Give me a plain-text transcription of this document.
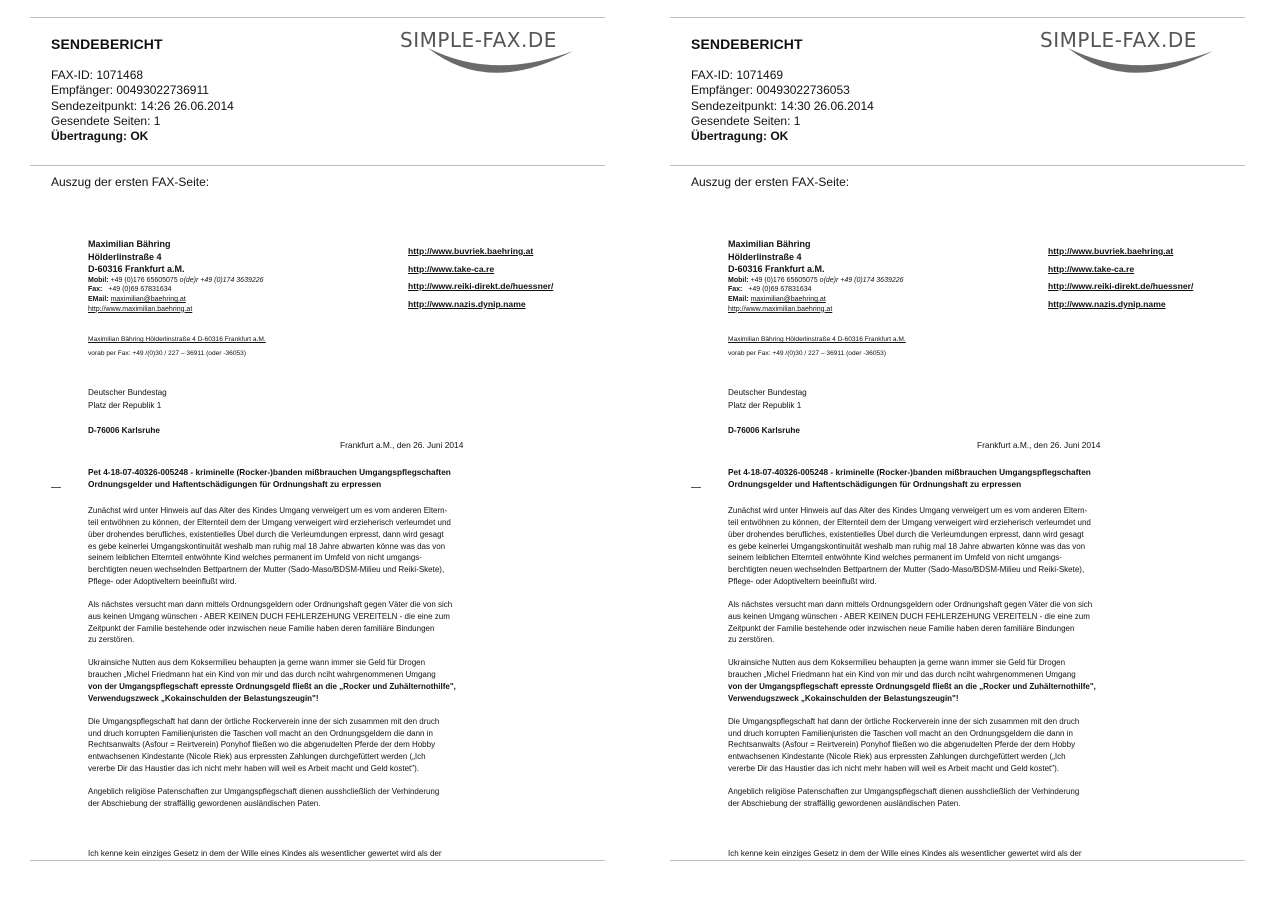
SENDEBERICHT	SIMPLE-FAX.DE
FAX-ID: 1071468
Empfänger: 00493022736911
Sendezeitpunkt: 14:26 26.06.2014
Gesendete Seiten: 1
Übertragung: OK
Auszug der ersten FAX-Seite:
Maximilian Bähring
Hölderlinstraße 4
D-60316 Frankfurt a.M.
Mobil: +49 (0)176 65605075 o(de)r +49 (0)174 3639226
Fax: +49 (0)69 67831634
EMail: maximilian@baehring.at
http://www.maximilian.baehring.at
http://www.buvriek.baehring.at
http://www.take-ca.re
http://www.reiki-direkt.de/huessner/
http://www.nazis.dynip.name
Maximilian Bähring Hölderlinstraße 4 D-60316 Frankfurt a.M.
vorab per Fax: +49 /(0)30 / 227 – 36911 (oder -36053)
Deutscher Bundestag
Platz der Republik 1
D-76006 Karlsruhe
Frankfurt a.M., den 26. Juni 2014
Pet 4-18-07-40326-005248 - kriminelle (Rocker-)banden mißbrauchen Umgangspflegschaften
Ordnungsgelder und Haftentschädigungen für Ordnungshaft zu erpressen

Zunächst wird unter Hinweis auf das Alter des Kindes Umgang verweigert um es vom anderen Eltern-
teil entwöhnen zu können, der Elternteil dem der Umgang verweigert wird erzieherisch verleumdet und
über drohendes berufliches, existentielles Übel durch die Verleumdungen erpresst, dann wird gesagt
es gebe keinerlei Umgangskontinuität weshalb man ruhig mal 18 Jahre abwarten könne was das von
seinem leiblichen Elternteil entwöhnte Kind welches permanent im Umfeld von nicht umgangs-
berchtigten neuen wechselnden Bettpartnern der Mutter (Sado-Maso/BDSM-Milieu und Reiki-Skete),
Pflege- oder Adoptiveltern beeinflußt wird.

Als nächstes versucht man dann mittels Ordnungsgeldern oder Ordnungshaft gegen Väter die von sich
aus keinen Umgang wünschen - ABER KEINEN DUCH FEHLERZEHUNG VEREITELN - die eine zum
Zeitpunkt der Familie bestehende oder inzwischen neue Familie haben deren familiäre Bindungen
zu zerstören.

Ukrainsiche Nutten aus dem Koksermilieu behaupten ja gerne wann immer sie Geld für Drogen
brauchen „Michel Friedmann hat ein Kind von mir und das durch nciht wahrgenommenen Umgang
von der Umgangspflegschaft epresste Ordnungsgeld fließt an die „Rocker und Zuhälternothilfe",
Verwendugszweck „Kokainschulden der Belastungszeugin"!

Die Umgangspflegschaft hat dann der örtliche Rockerverein inne der sich zusammen mit den druch
und druch korrupten Familienjuristen die Taschen voll macht an den Ordnungsgeldern die dann in
Rechtsanwalts (Asfour = Reirtverein) Ponyhof fließen wo die abgenudelten Pferde der dem Hobby
entwachsenen Kindestante (Nicole Riek) aus erpressten Zahlungen durchgefüttert werden („Ich
vererbe Dir das Haustier das ich nicht mehr haben will weil es Arbeit macht und Geld kostet").

Angeblich religiöse Patenschaften zur Umgangspflegschaft dienen ausshcließlich der Verhinderung
der Abschiebung der straffällig gewordenen ausländischen Paten.

Ich kenne kein einziges Gesetz in dem der Wille eines Kindes als wesentlicher gewertet wird als der
SENDEBERICHT	SIMPLE-FAX.DE
FAX-ID: 1071469
Empfänger: 00493022736053
Sendezeitpunkt: 14:30 26.06.2014
Gesendete Seiten: 1
Übertragung: OK
Auszug der ersten FAX-Seite:
Maximilian Bähring
Hölderlinstraße 4
D-60316 Frankfurt a.M.
Mobil: +49 (0)176 65605075 o(de)r +49 (0)174 3639226
Fax: +49 (0)69 67831634
EMail: maximilian@baehring.at
http://www.maximilian.baehring.at
http://www.buvriek.baehring.at
http://www.take-ca.re
http://www.reiki-direkt.de/huessner/
http://www.nazis.dynip.name
Maximilian Bähring Hölderlinstraße 4 D-60316 Frankfurt a.M.
vorab per Fax: +49 /(0)30 / 227 – 36911 (oder -36053)
Deutscher Bundestag
Platz der Republik 1
D-76006 Karlsruhe
Frankfurt a.M., den 26. Juni 2014
Pet 4-18-07-40326-005248 - kriminelle (Rocker-)banden mißbrauchen Umgangspflegschaften
Ordnungsgelder und Haftentschädigungen für Ordnungshaft zu erpressen

Zunächst wird unter Hinweis auf das Alter des Kindes Umgang verweigert um es vom anderen Eltern-
teil entwöhnen zu können, der Elternteil dem der Umgang verweigert wird erzieherisch verleumdet und
über drohendes berufliches, existentielles Übel durch die Verleumdungen erpresst, dann wird gesagt
es gebe keinerlei Umgangskontinuität weshalb man ruhig mal 18 Jahre abwarten könne was das von
seinem leiblichen Elternteil entwöhnte Kind welches permanent im Umfeld von nicht umgangs-
berchtigten neuen wechselnden Bettpartnern der Mutter (Sado-Maso/BDSM-Milieu und Reiki-Skete),
Pflege- oder Adoptiveltern beeinflußt wird.

Als nächstes versucht man dann mittels Ordnungsgeldern oder Ordnungshaft gegen Väter die von sich
aus keinen Umgang wünschen - ABER KEINEN DUCH FEHLERZEHUNG VEREITELN - die eine zum
Zeitpunkt der Familie bestehende oder inzwischen neue Familie haben deren familiäre Bindungen
zu zerstören.

Ukrainsiche Nutten aus dem Koksermilieu behaupten ja gerne wann immer sie Geld für Drogen
brauchen „Michel Friedmann hat ein Kind von mir und das durch nciht wahrgenommenen Umgang
von der Umgangspflegschaft epresste Ordnungsgeld fließt an die „Rocker und Zuhälternothilfe",
Verwendugszweck „Kokainschulden der Belastungszeugin"!

Die Umgangspflegschaft hat dann der örtliche Rockerverein inne der sich zusammen mit den druch
und druch korrupten Familienjuristen die Taschen voll macht an den Ordnungsgeldern die dann in
Rechtsanwalts (Asfour = Reirtverein) Ponyhof fließen wo die abgenudelten Pferde der dem Hobby
entwachsenen Kindestante (Nicole Riek) aus erpressten Zahlungen durchgefüttert werden („Ich
vererbe Dir das Haustier das ich nicht mehr haben will weil es Arbeit macht und Geld kostet").

Angeblich religiöse Patenschaften zur Umgangspflegschaft dienen ausshcließlich der Verhinderung
der Abschiebung der straffällig gewordenen ausländischen Paten.

Ich kenne kein einziges Gesetz in dem der Wille eines Kindes als wesentlicher gewertet wird als der
